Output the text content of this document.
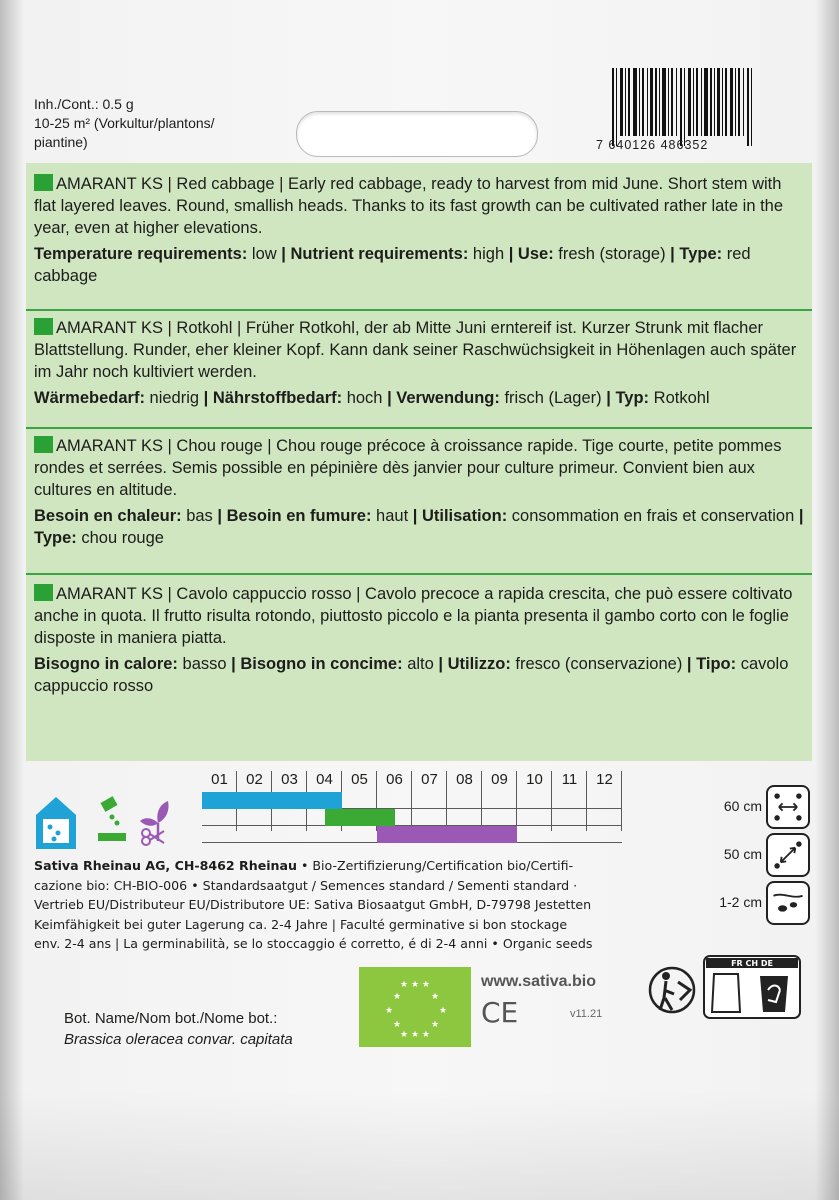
Inh./Cont.: 0.5 g
10-25 m² (Vorkultur/plantons/
piantine)	7 640126 486352
AMARANT KS | Red cabbage | Early red cabbage, ready to harvest from mid June. Short stem with flat layered leaves. Round, smallish heads. Thanks to its fast growth can be cultivated rather late in the year, even at higher elevations.
Temperature requirements: low | Nutrient requirements: high | Use: fresh (storage) | Type: red cabbage
AMARANT KS | Rotkohl | Früher Rotkohl, der ab Mitte Juni erntereif ist. Kurzer Strunk mit flacher Blattstellung. Runder, eher kleiner Kopf. Kann dank seiner Raschwüchsigkeit in Höhenlagen auch später im Jahr noch kultiviert werden.
Wärmebedarf: niedrig | Nährstoffbedarf: hoch | Verwendung: frisch (Lager) | Typ: Rotkohl
AMARANT KS | Chou rouge | Chou rouge précoce à croissance rapide. Tige courte, petite pommes rondes et serrées. Semis possible en pépinière dès janvier pour culture primeur. Convient bien aux cultures en altitude.
Besoin en chaleur: bas | Besoin en fumure: haut | Utilisation: consommation en frais et conservation | Type: chou rouge
AMARANT KS | Cavolo cappuccio rosso | Cavolo precoce a rapida crescita, che può essere coltivato anche in quota. Il frutto risulta rotondo, piuttosto piccolo e la pianta presenta il gambo corto con le foglie disposte in maniera piatta.
Bisogno in calore: basso | Bisogno in concime: alto | Utilizzo: fresco (conservazione) | Tipo: cavolo cappuccio rosso
01	02	03	04	05	06	07	08	09	10	11	12
Sativa Rheinau AG, CH-8462 Rheinau • Bio-Zertifizierung/Certification bio/Certifi-
cazione bio: CH-BIO-006 • Standardsaatgut / Semences standard / Sementi standard ·
Vertrieb EU/Distributeur EU/Distributore UE: Sativa Biosaatgut GmbH, D-79798 Jestetten
Keimfähigkeit bei guter Lagerung ca. 2-4 Jahre | Faculté germinative si bon stockage
env. 2-4 ans | La germinabilità, se lo stoccaggio é corretto, é di 2-4 anni • Organic seeds
60 cm
50 cm
1-2 cm
Bot. Name/Nom bot./Nome bot.:
Brassica oleracea convar. capitata
★ ★ ★
★	★
★	★
★	★
★ ★ ★
www.sativa.bio
CE	v11.21
FR CH DE
